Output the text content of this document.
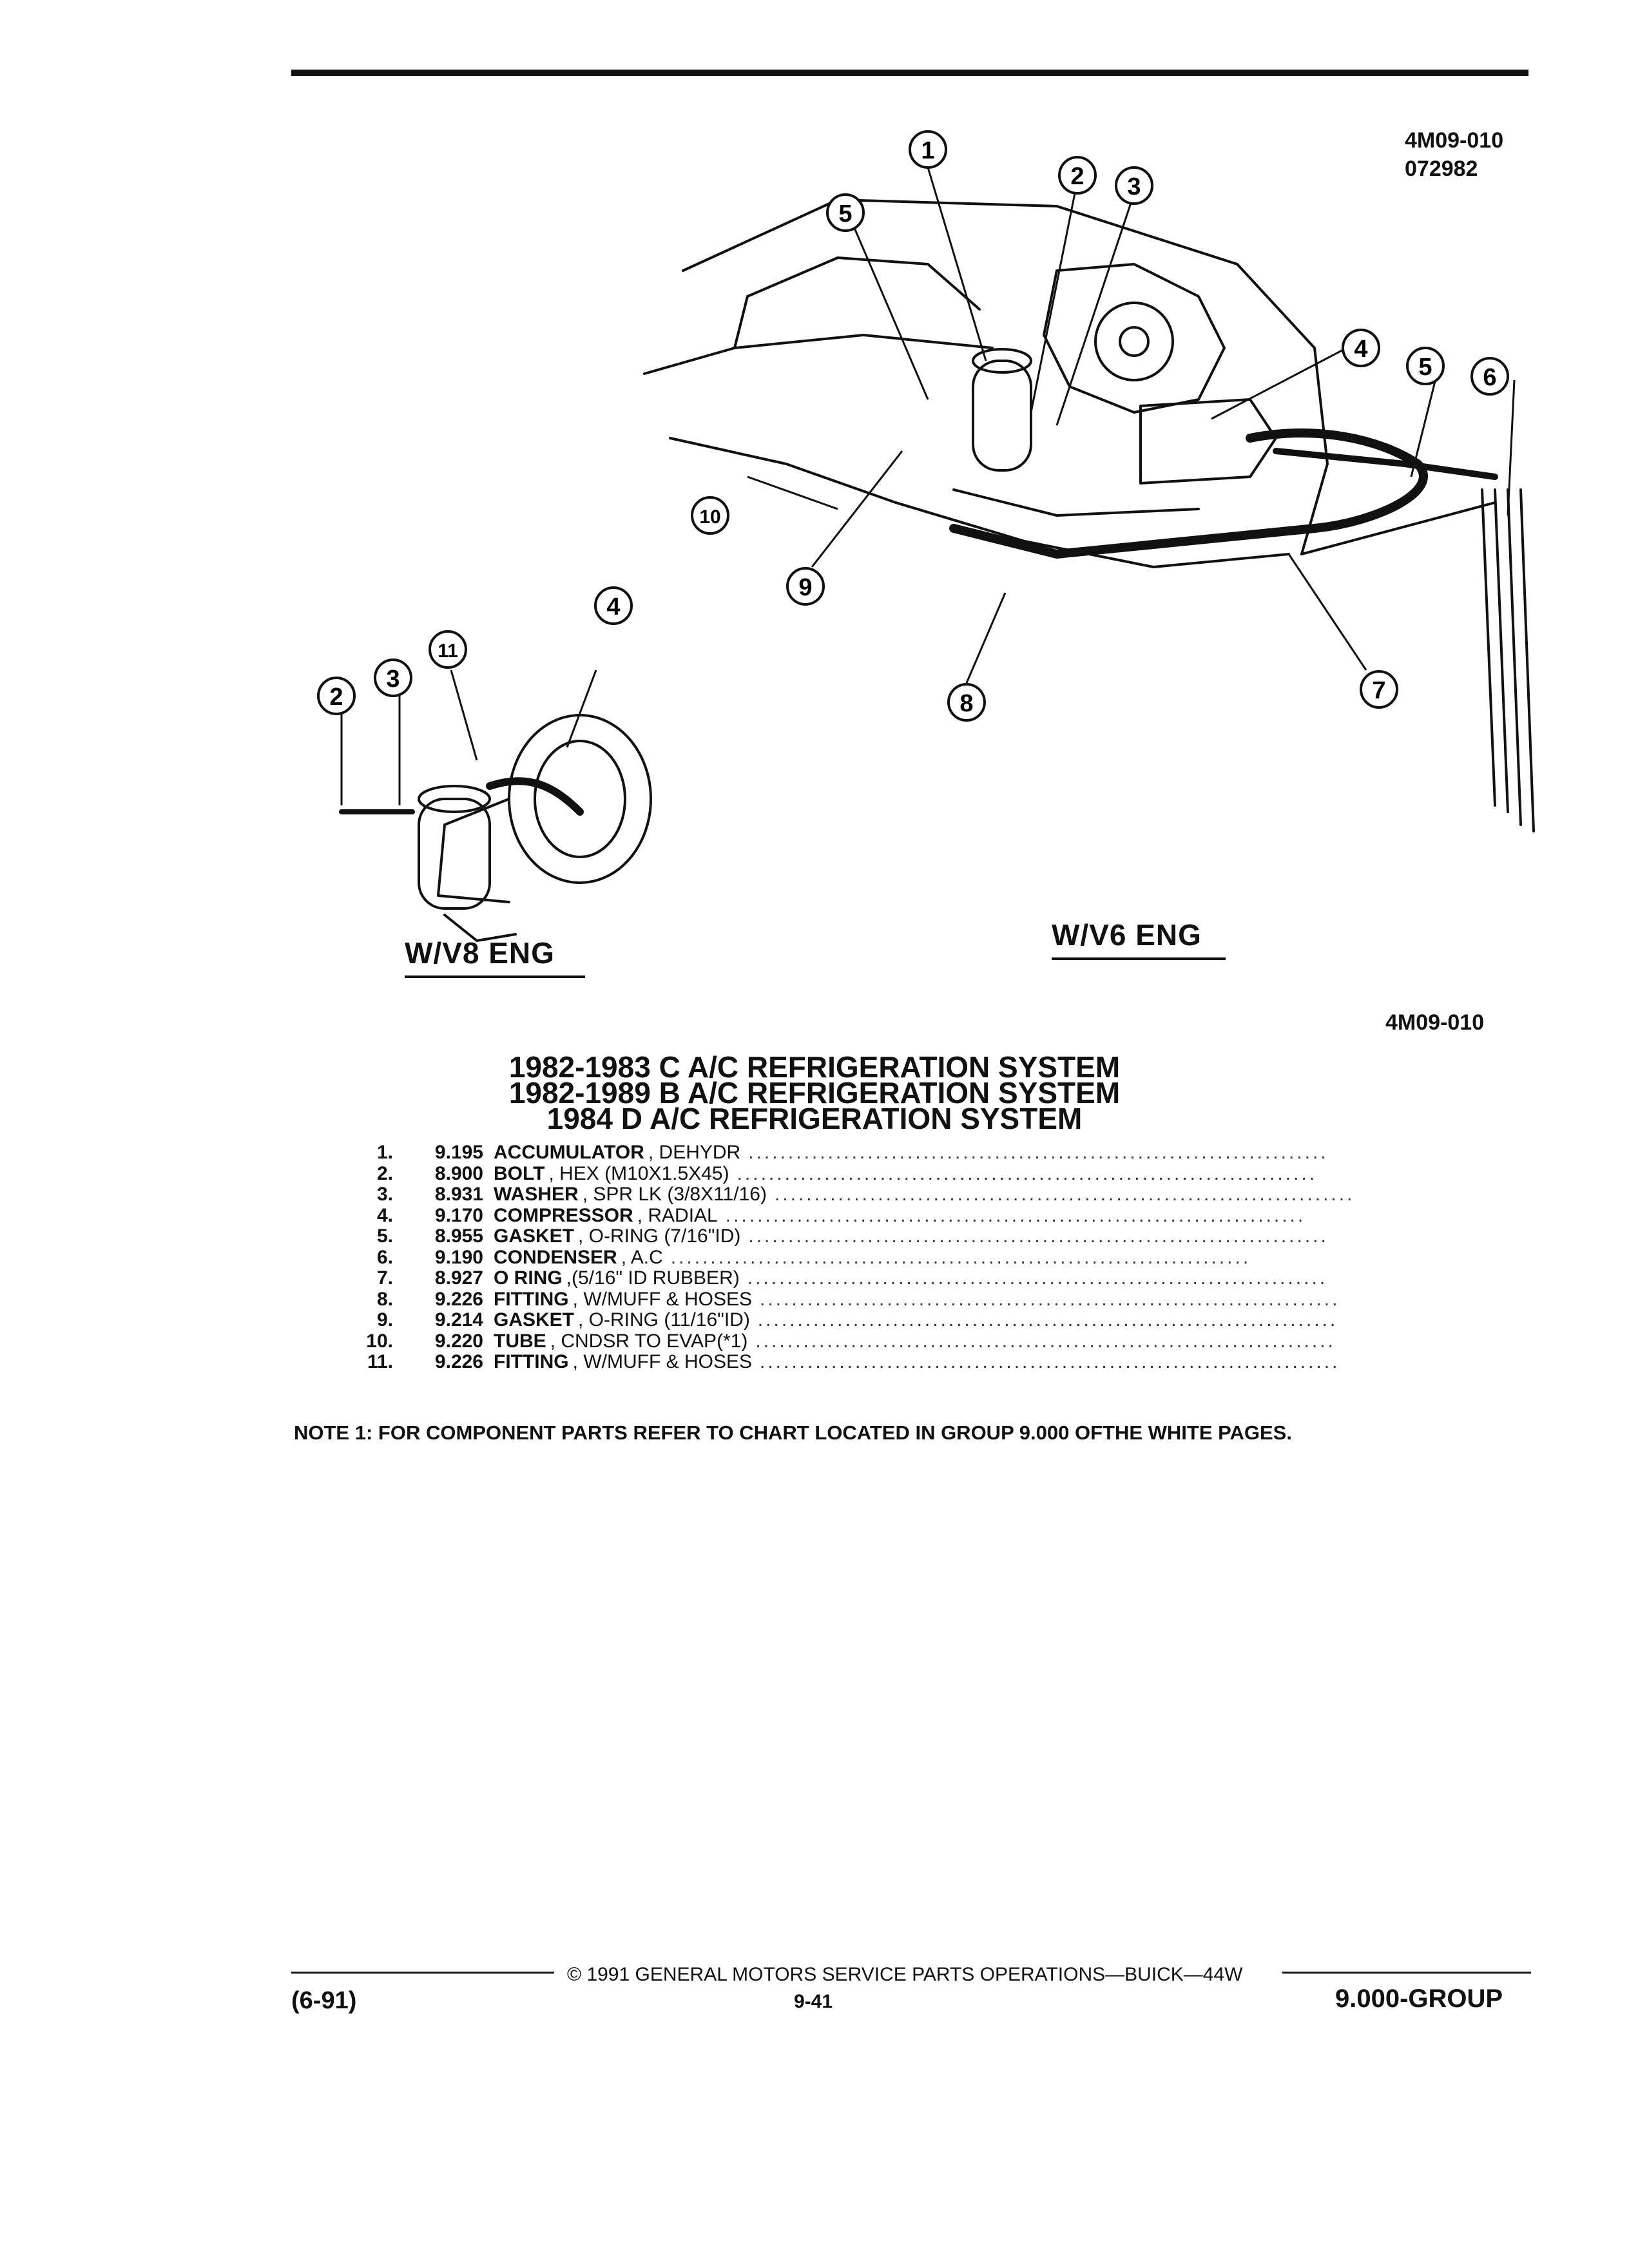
4M09-010
072982
1
2 3
4
5
5 6
7
8
9
10
2
3
11
4
W/V8 ENG
W/V6 ENG
4M09-010
1982-1983 C A/C REFRIGERATION SYSTEM
1982-1989 B A/C REFRIGERATION SYSTEM
1984 D A/C REFRIGERATION SYSTEM
1.	9.195 ACCUMULATOR , DEHYDR .........................................................................
2.	8.900 BOLT , HEX (M10X1.5X45) .........................................................................
3.	8.931 WASHER , SPR LK (3/8X11/16) .........................................................................
4.	9.170 COMPRESSOR , RADIAL .........................................................................
5.	8.955 GASKET , O-RING (7/16"ID) .........................................................................
6.	9.190 CONDENSER , A.C .........................................................................
7.	8.927 O RING ,(5/16" ID RUBBER) .........................................................................
8.	9.226 FITTING , W/MUFF & HOSES .........................................................................
9.	9.214 GASKET , O-RING (11/16"ID) .........................................................................
10.	9.220 TUBE , CNDSR TO EVAP(*1) .........................................................................
11.	9.226 FITTING , W/MUFF & HOSES .........................................................................
NOTE 1: FOR COMPONENT PARTS REFER TO CHART LOCATED IN GROUP 9.000 OFTHE WHITE PAGES.
© 1991 GENERAL MOTORS SERVICE PARTS OPERATIONS—BUICK—44W
(6-91)	9-41	9.000-GROUP
